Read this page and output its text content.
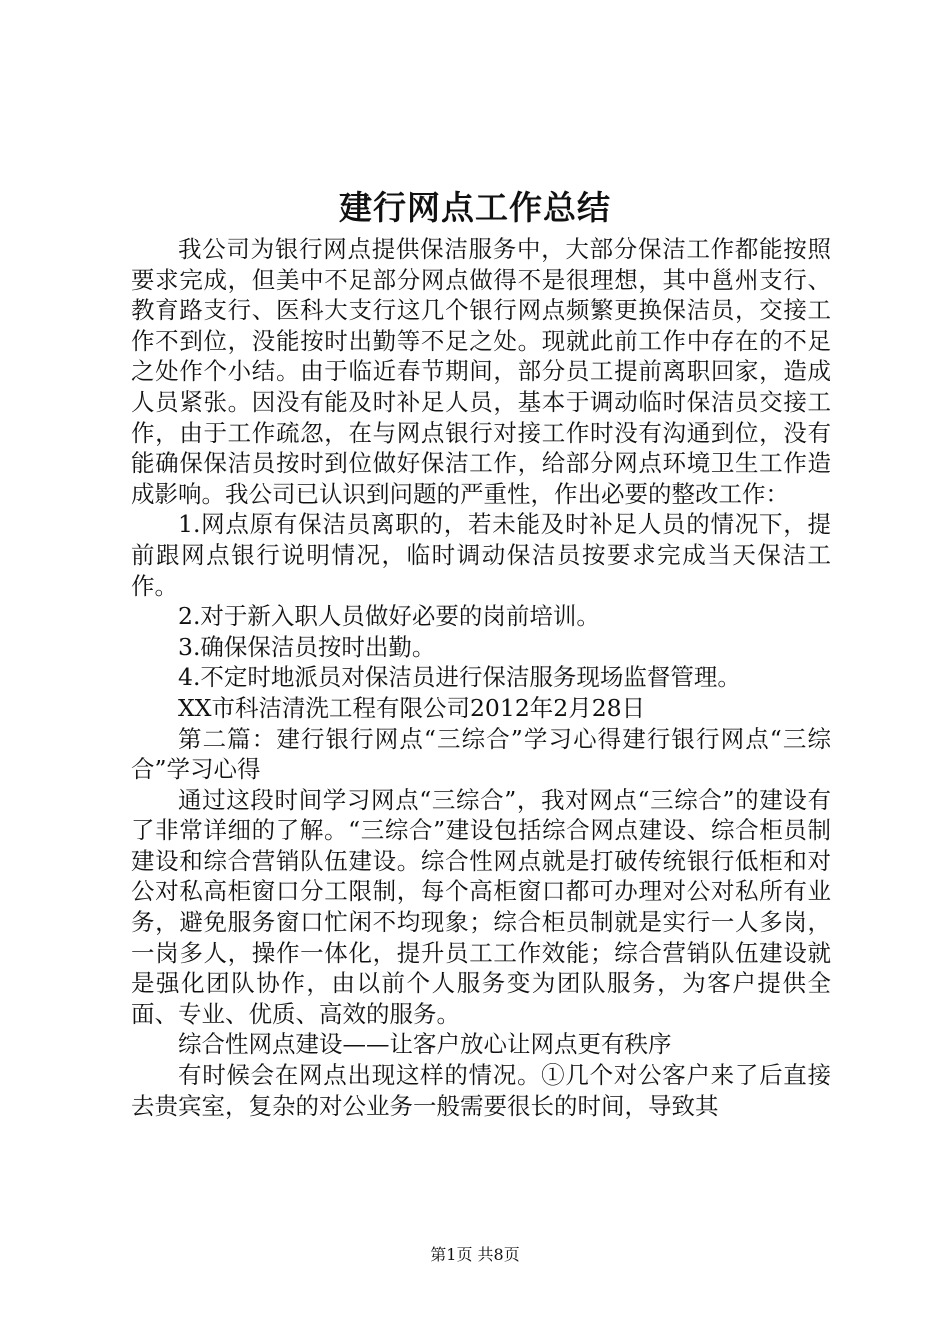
建行网点工作总结

我公司为银行网点提供保洁服务中，大部分保洁工作都能按照要求完成，但美中不足部分网点做得不是很理想，其中邕州支行、教育路支行、医科大支行这几个银行网点频繁更换保洁员，交接工作不到位，没能按时出勤等不足之处。现就此前工作中存在的不足之处作个小结。由于临近春节期间，部分员工提前离职回家，造成人员紧张。因没有能及时补足人员，基本于调动临时保洁员交接工作，由于工作疏忽，在与网点银行对接工作时没有沟通到位，没有能确保保洁员按时到位做好保洁工作，给部分网点环境卫生工作造成影响。我公司已认识到问题的严重性，作出必要的整改工作：

1.网点原有保洁员离职的，若未能及时补足人员的情况下，提前跟网点银行说明情况，临时调动保洁员按要求完成当天保洁工作。

2.对于新入职人员做好必要的岗前培训。

3.确保保洁员按时出勤。

4.不定时地派员对保洁员进行保洁服务现场监督管理。

XX市科洁清洗工程有限公司2012年2月28日

第二篇：建行银行网点“三综合”学习心得建行银行网点“三综合”学习心得

通过这段时间学习网点“三综合”，我对网点“三综合”的建设有了非常详细的了解。“三综合”建设包括综合网点建设、综合柜员制建设和综合营销队伍建设。综合性网点就是打破传统银行低柜和对公对私高柜窗口分工限制，每个高柜窗口都可办理对公对私所有业务，避免服务窗口忙闲不均现象；综合柜员制就是实行一人多岗，一岗多人，操作一体化，提升员工工作效能；综合营销队伍建设就是强化团队协作，由以前个人服务变为团队服务，为客户提供全面、专业、优质、高效的服务。

综合性网点建设——让客户放心让网点更有秩序

有时候会在网点出现这样的情况。①几个对公客户来了后直接去贵宾室，复杂的对公业务一般需要很长的时间，导致其

第1页 共8页
